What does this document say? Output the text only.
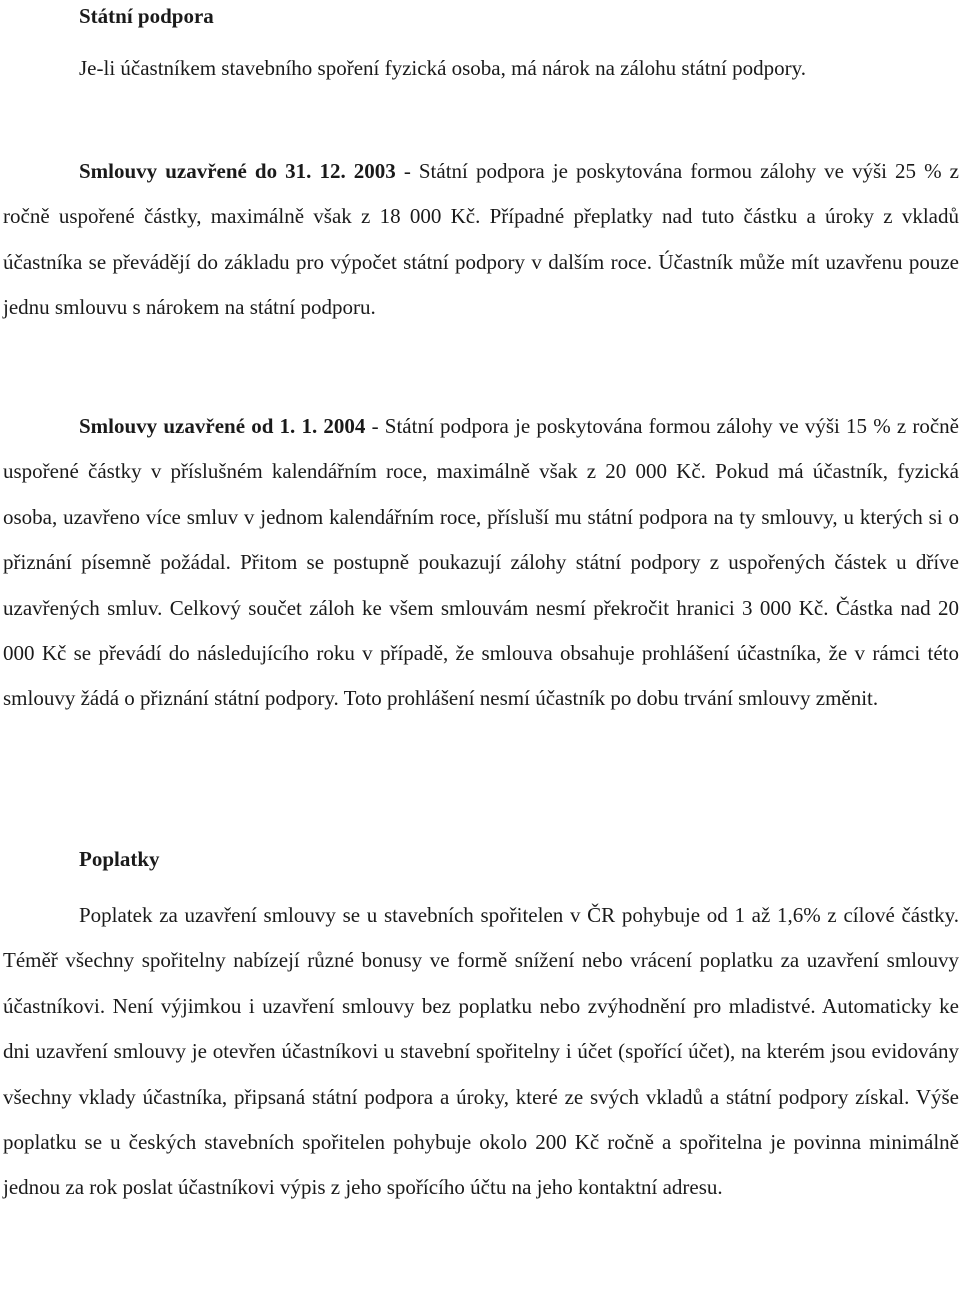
Státní podpora

Je-li účastníkem stavebního spoření fyzická osoba, má nárok na zálohu státní podpory.

Smlouvy uzavřené do 31. 12. 2003 - Státní podpora je poskytována formou zálohy ve výši 25 % z ročně uspořené částky, maximálně však z 18 000 Kč. Případné přeplatky nad tuto částku a úroky z vkladů účastníka se převádějí do základu pro výpočet státní podpory v dalším roce. Účastník může mít uzavřenu pouze jednu smlouvu s nárokem na státní podporu.

Smlouvy uzavřené od 1. 1. 2004 - Státní podpora je poskytována formou zálohy ve výši 15 % z ročně uspořené částky v příslušném kalendářním roce, maximálně však z 20 000 Kč. Pokud má účastník, fyzická osoba, uzavřeno více smluv v jednom kalendářním roce, přísluší mu státní podpora na ty smlouvy, u kterých si o přiznání písemně požádal. Přitom se postupně poukazují zálohy státní podpory z uspořených částek u dříve uzavřených smluv. Celkový součet záloh ke všem smlouvám nesmí překročit hranici 3 000 Kč. Částka nad 20 000 Kč se převádí do následujícího roku v případě, že smlouva obsahuje prohlášení účastníka, že v rámci této smlouvy žádá o přiznání státní podpory. Toto prohlášení nesmí účastník po dobu trvání smlouvy změnit.

Poplatky

Poplatek za uzavření smlouvy se u stavebních spořitelen v ČR pohybuje od 1 až 1,6% z cílové částky. Téměř všechny spořitelny nabízejí různé bonusy ve formě snížení nebo vrácení poplatku za uzavření smlouvy účastníkovi. Není výjimkou i uzavření smlouvy bez poplatku nebo zvýhodnění pro mladistvé. Automaticky ke dni uzavření smlouvy je otevřen účastníkovi u stavební spořitelny i účet (spořící účet), na kterém jsou evidovány všechny vklady účastníka, připsaná státní podpora a úroky, které ze svých vkladů a státní podpory získal. Výše poplatku se u českých stavebních spořitelen pohybuje okolo 200 Kč ročně a spořitelna je povinna minimálně jednou za rok poslat účastníkovi výpis z jeho spořícího účtu na jeho kontaktní adresu.
